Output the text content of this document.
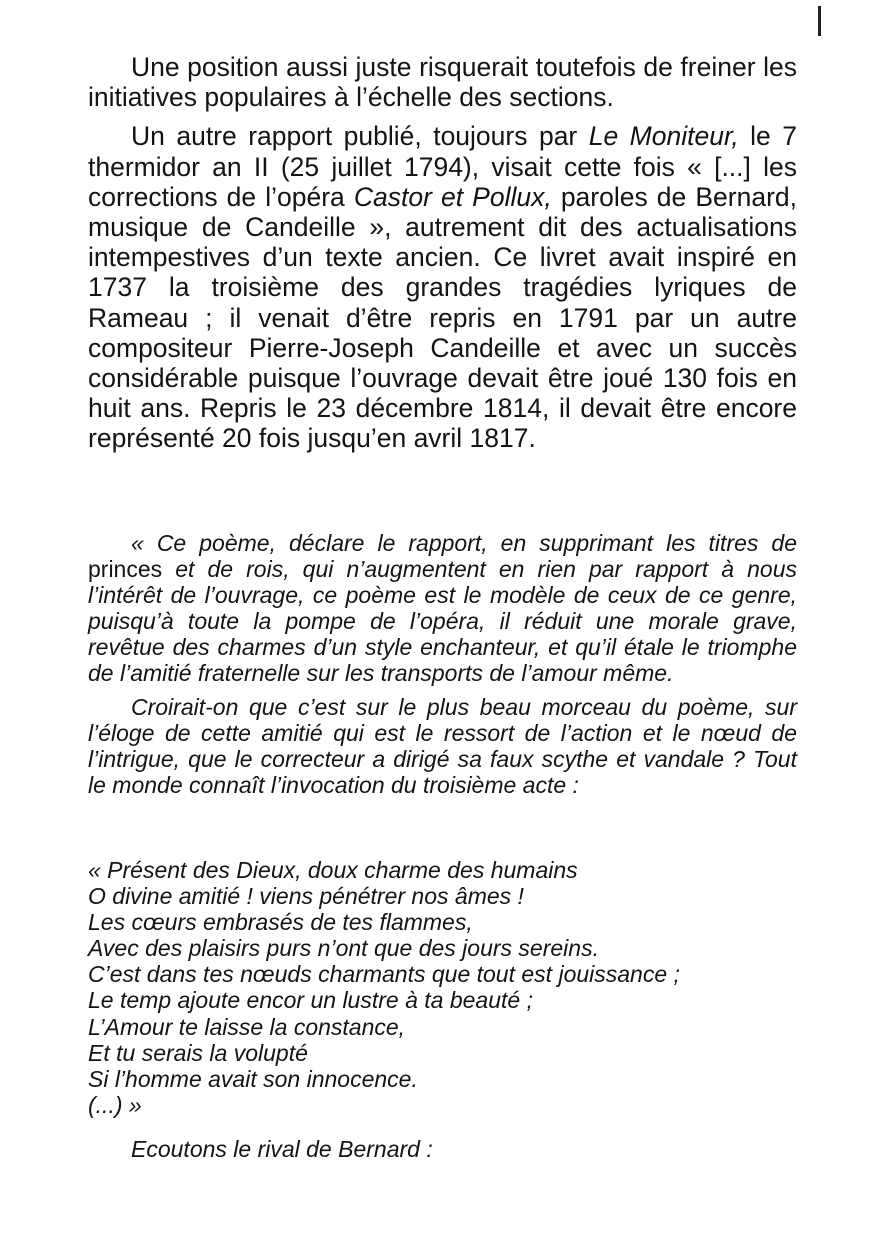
Une position aussi juste risquerait toutefois de freiner les initiatives populaires à l’échelle des sections.

Un autre rapport publié, toujours par Le Moniteur, le 7 thermidor an II (25 juillet 1794), visait cette fois « [...] les corrections de l’opéra Castor et Pollux, paroles de Bernard, musique de Candeille », autrement dit des actualisations intempestives d’un texte ancien. Ce livret avait inspiré en 1737 la troisième des grandes tragédies lyriques de Rameau ; il venait d’être repris en 1791 par un autre compositeur Pierre-Joseph Candeille et avec un succès considérable puisque l’ouvrage devait être joué 130 fois en huit ans. Repris le 23 décembre 1814, il devait être encore représenté 20 fois jusqu’en avril 1817.

« Ce poème, déclare le rapport, en supprimant les titres de princes et de rois, qui n’augmentent en rien par rapport à nous l’intérêt de l’ouvrage, ce poème est le modèle de ceux de ce genre, puisqu’à toute la pompe de l’opéra, il réduit une morale grave, revêtue des charmes d’un style enchanteur, et qu’il étale le triomphe de l’amitié fraternelle sur les transports de l’amour même.

Croirait-on que c’est sur le plus beau morceau du poème, sur l’éloge de cette amitié qui est le ressort de l’action et le nœud de l’intrigue, que le correcteur a dirigé sa faux scythe et vandale ? Tout le monde connaît l’invocation du troisième acte :

« Présent des Dieux, doux charme des humains
O divine amitié ! viens pénétrer nos âmes !
Les cœurs embrasés de tes flammes,
Avec des plaisirs purs n’ont que des jours sereins.
C’est dans tes nœuds charmants que tout est jouissance ;
Le temp ajoute encor un lustre à ta beauté ;
L’Amour te laisse la constance,
Et tu serais la volupté
Si l’homme avait son innocence.
(...) »
Ecoutons le rival de Bernard :
